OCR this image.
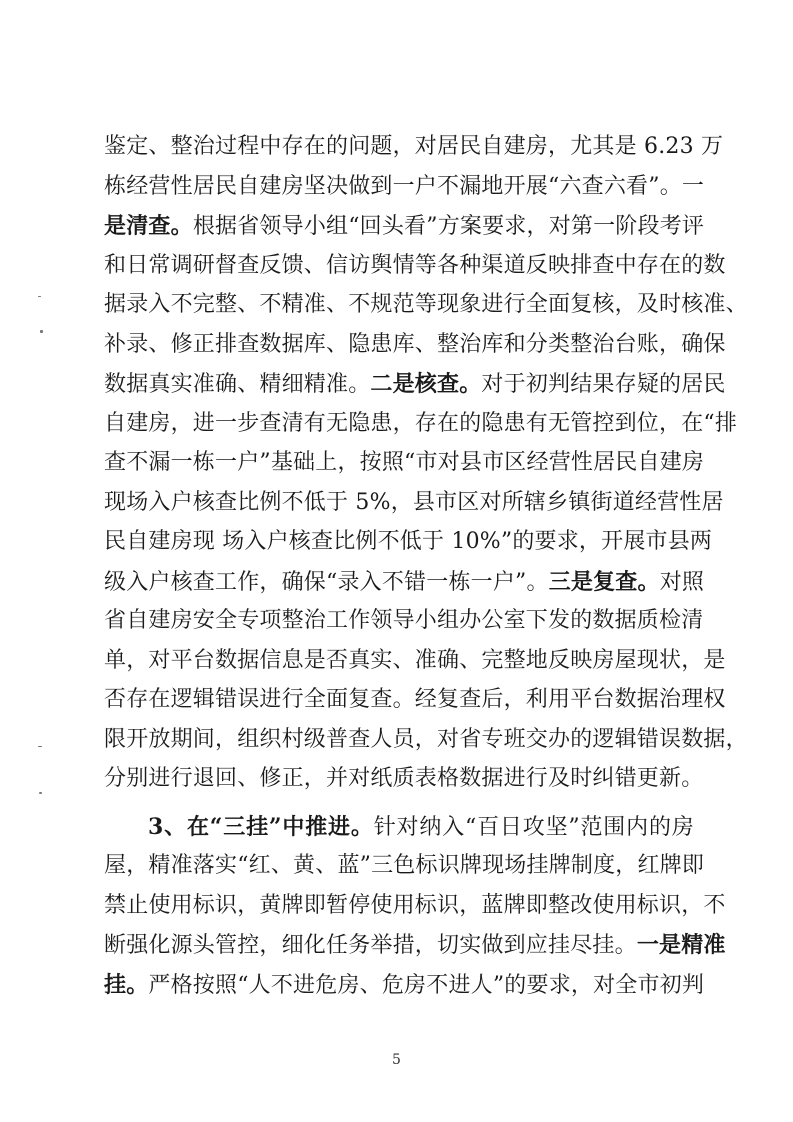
鉴定、整治过程中存在的问题，对居民自建房，尤其是 6.23 万
栋经营性居民自建房坚决做到一户不漏地开展“六查六看”。一
是清查。根据省领导小组“回头看”方案要求，对第一阶段考评
和日常调研督查反馈、信访舆情等各种渠道反映排查中存在的数
据录入不完整、不精准、不规范等现象进行全面复核，及时核准、
补录、修正排查数据库、隐患库、整治库和分类整治台账，确保
数据真实准确、精细精准。二是核查。对于初判结果存疑的居民
自建房，进一步查清有无隐患，存在的隐患有无管控到位，在“排
查不漏一栋一户”基础上，按照“市对县市区经营性居民自建房
现场入户核查比例不低于 5%，县市区对所辖乡镇街道经营性居
民自建房现 场入户核查比例不低于 10%”的要求，开展市县两
级入户核查工作，确保“录入不错一栋一户”。三是复查。对照
省自建房安全专项整治工作领导小组办公室下发的数据质检清
单，对平台数据信息是否真实、准确、完整地反映房屋现状，是
否存在逻辑错误进行全面复查。经复查后，利用平台数据治理权
限开放期间，组织村级普查人员，对省专班交办的逻辑错误数据，
分别进行退回、修正，并对纸质表格数据进行及时纠错更新。
3、在“三挂”中推进。针对纳入“百日攻坚”范围内的房
屋，精准落实“红、黄、蓝”三色标识牌现场挂牌制度，红牌即
禁止使用标识，黄牌即暂停使用标识，蓝牌即整改使用标识，不
断强化源头管控，细化任务举措，切实做到应挂尽挂。一是精准
挂。严格按照“人不进危房、危房不进人”的要求，对全市初判
5
